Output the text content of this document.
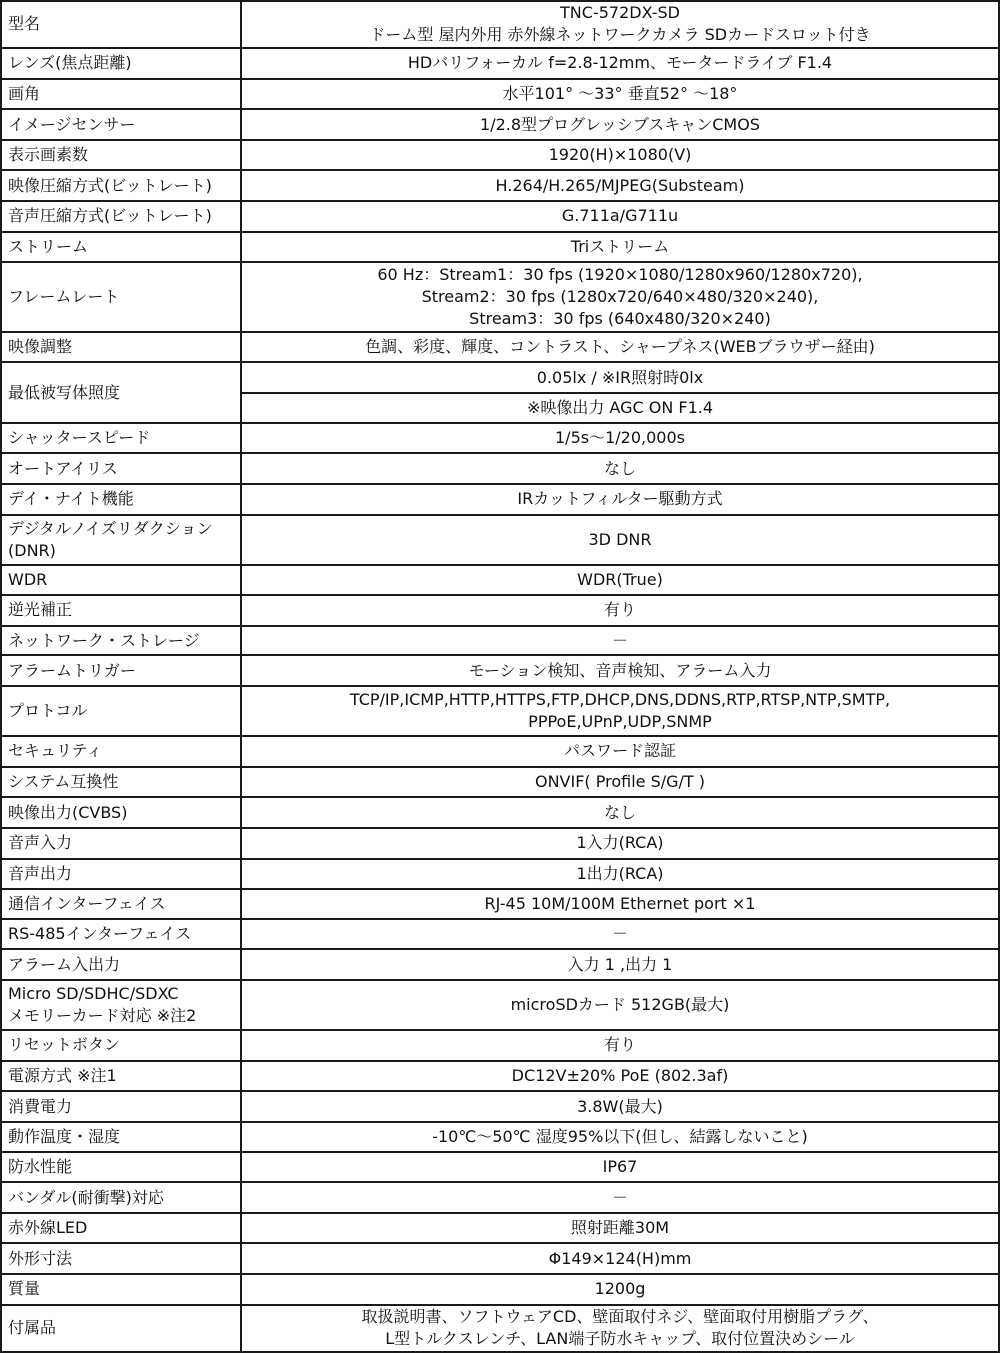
型名	TNC-572DX-SD
ドーム型 屋内外用 赤外線ネットワークカメラ SDカードスロット付き

レンズ(焦点距離)	HDバリフォーカル f=2.8-12mm、モータードライブ F1.4

画角	水平101° ～33° 垂直52° ～18°

イメージセンサー	1/2.8型プログレッシブスキャンCMOS

表示画素数	1920(H)×1080(V)

映像圧縮方式(ビットレート)	H.264/H.265/MJPEG(Substeam)

音声圧縮方式(ビットレート)	G.711a/G711u

ストリーム	Triストリーム

フレームレート	60 Hz：Stream1：30 fps (1920×1080/1280x960/1280x720),
Stream2：30 fps (1280x720/640×480/320×240),
Stream3：30 fps (640x480/320×240)

映像調整	色調、彩度、輝度、コントラスト、シャープネス(WEBブラウザー経由)

最低被写体照度	0.05lx / ※IR照射時0lx

	※映像出力 AGC ON F1.4

シャッタースピード	1/5s～1/20,000s

オートアイリス	なし

デイ・ナイト機能	IRカットフィルター駆動方式

デジタルノイズリダクション
(DNR)	3D DNR

WDR	WDR(True)

逆光補正	有り

ネットワーク・ストレージ	－

アラームトリガー	モーション検知、音声検知、アラーム入力

プロトコル	TCP/IP,ICMP,HTTP,HTTPS,FTP,DHCP,DNS,DDNS,RTP,RTSP,NTP,SMTP,
PPPoE,UPnP,UDP,SNMP

セキュリティ	パスワード認証

システム互換性	ONVIF( Profile S/G/T )

映像出力(CVBS)	なし

音声入力	1入力(RCA)

音声出力	1出力(RCA)

通信インターフェイス	RJ-45 10M/100M Ethernet port ×1

RS-485インターフェイス	－

アラーム入出力	入力 1 ,出力 1

Micro SD/SDHC/SDXC
メモリーカード対応 ※注2	microSDカード 512GB(最大)

リセットボタン	有り

電源方式 ※注1	DC12V±20% PoE (802.3af)

消費電力	3.8W(最大)

動作温度・湿度	-10℃～50℃ 湿度95%以下(但し、結露しないこと)

防水性能	IP67

バンダル(耐衝撃)対応	－

赤外線LED	照射距離30M

外形寸法	Φ149×124(H)mm

質量	1200g

付属品	取扱説明書、ソフトウェアCD、壁面取付ネジ、壁面取付用樹脂プラグ、
L型トルクスレンチ、LAN端子防水キャップ、取付位置決めシール
